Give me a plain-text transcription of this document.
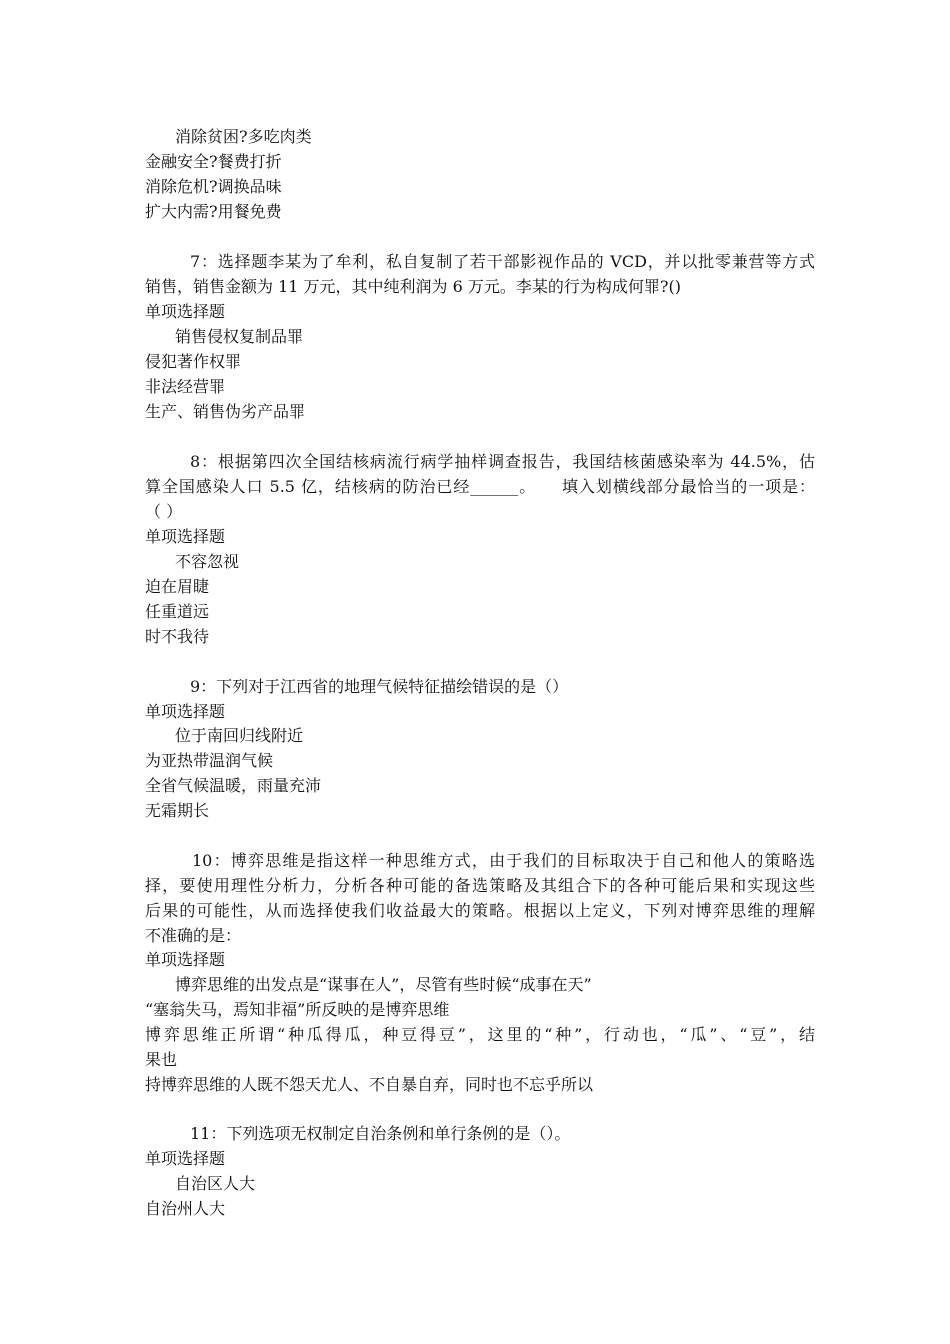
消除贫困?多吃肉类

金融安全?餐费打折

消除危机?调换品味

扩大内需?用餐免费

7：选择题李某为了牟利，私自复制了若干部影视作品的 VCD，并以批零兼营等方式

销售，销售金额为 11 万元，其中纯利润为 6 万元。李某的行为构成何罪?()

单项选择题

销售侵权复制品罪

侵犯著作权罪

非法经营罪

生产、销售伪劣产品罪

8：根据第四次全国结核病流行病学抽样调查报告，我国结核菌感染率为 44.5%，估

算全国感染人口 5.5 亿，结核病的防治已经______。　　填入划横线部分最恰当的一项是：

（ ）

单项选择题

不容忽视

迫在眉睫

任重道远

时不我待

9：下列对于江西省的地理气候特征描绘错误的是（）

单项选择题

位于南回归线附近

为亚热带温润气候

全省气候温暖，雨量充沛

无霜期长

10：博弈思维是指这样一种思维方式，由于我们的目标取决于自己和他人的策略选

择，要使用理性分析力，分析各种可能的备选策略及其组合下的各种可能后果和实现这些

后果的可能性，从而选择使我们收益最大的策略。根据以上定义，下列对博弈思维的理解

不准确的是：

单项选择题

博弈思维的出发点是“谋事在人”，尽管有些时候“成事在天”

“塞翁失马，焉知非福”所反映的是博弈思维

博弈思维正所谓“种瓜得瓜，种豆得豆”，这里的“种”，行动也，“瓜”、“豆”，结

果也

持博弈思维的人既不怨天尤人、不自暴自弃，同时也不忘乎所以

11：下列选项无权制定自治条例和单行条例的是（）。

单项选择题

自治区人大

自治州人大
